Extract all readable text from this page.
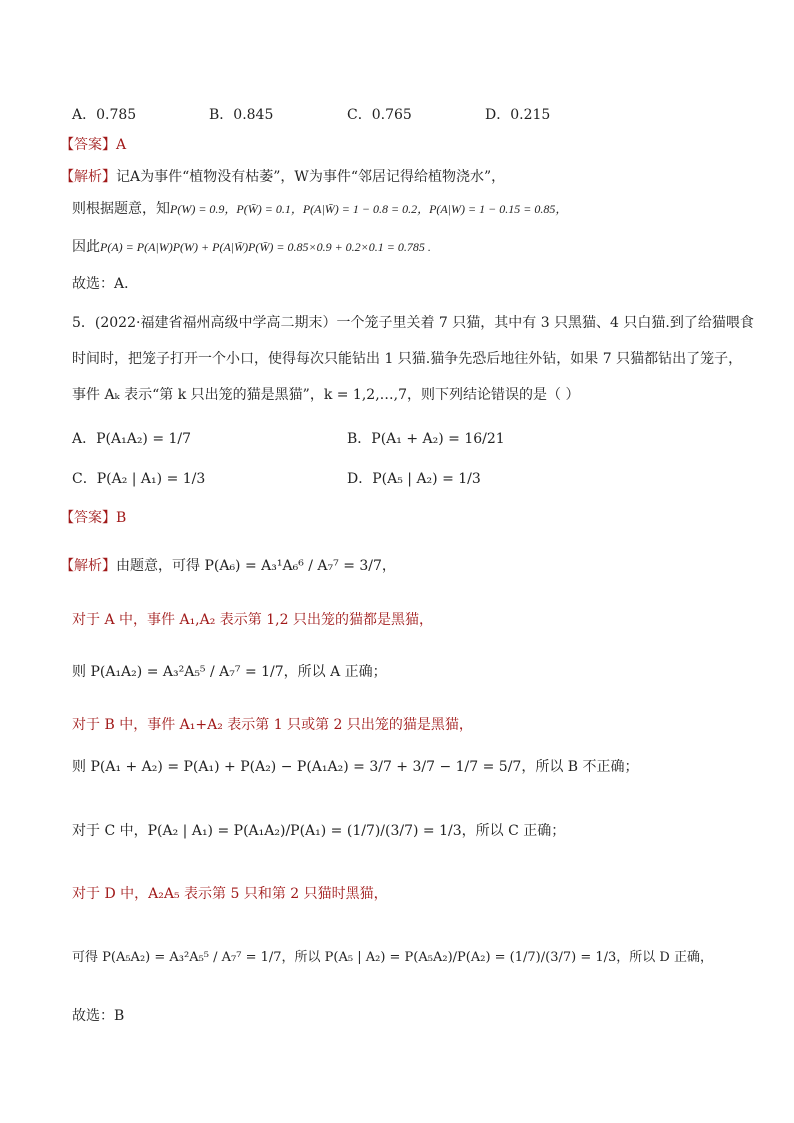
A．0.785	B．0.845	C．0.765	D．0.215
【答案】A
【解析】记A为事件“植物没有枯萎”，W为事件“邻居记得给植物浇水”，
则根据题意，知P(W) = 0.9，P(W̄) = 0.1，P(A|W̄) = 1 − 0.8 = 0.2，P(A|W) = 1 − 0.15 = 0.85，
因此P(A) = P(A|W)P(W) + P(A|W̄)P(W̄) = 0.85×0.9 + 0.2×0.1 = 0.785 .
故选：A．
5．(2022·福建省福州高级中学高二期末）一个笼子里关着 7 只猫，其中有 3 只黑猫、4 只白猫.到了给猫喂食
时间时，把笼子打开一个小口，使得每次只能钻出 1 只猫.猫争先恐后地往外钻，如果 7 只猫都钻出了笼子，
事件 Aₖ 表示“第 k 只出笼的猫是黑猫”，k = 1,2,…,7，则下列结论错误的是（ ）
A．P(A₁A₂) = 1/7	B．P(A₁ + A₂) = 16/21
C．P(A₂ | A₁) = 1/3	D．P(A₅ | A₂) = 1/3
【答案】B
【解析】由题意，可得 P(A₆) = A₃¹A₆⁶ / A₇⁷ = 3/7，
对于 A 中，事件 A₁,A₂ 表示第 1,2 只出笼的猫都是黑猫，
则 P(A₁A₂) = A₃²A₅⁵ / A₇⁷ = 1/7，所以 A 正确；
对于 B 中，事件 A₁+A₂ 表示第 1 只或第 2 只出笼的猫是黑猫，
则 P(A₁ + A₂) = P(A₁) + P(A₂) − P(A₁A₂) = 3/7 + 3/7 − 1/7 = 5/7，所以 B 不正确；
对于 C 中，P(A₂ | A₁) = P(A₁A₂)/P(A₁) = (1/7)/(3/7) = 1/3，所以 C 正确；
对于 D 中，A₂A₅ 表示第 5 只和第 2 只猫时黑猫，
可得 P(A₅A₂) = A₃²A₅⁵ / A₇⁷ = 1/7，所以 P(A₅ | A₂) = P(A₅A₂)/P(A₂) = (1/7)/(3/7) = 1/3，所以 D 正确，
故选：B
